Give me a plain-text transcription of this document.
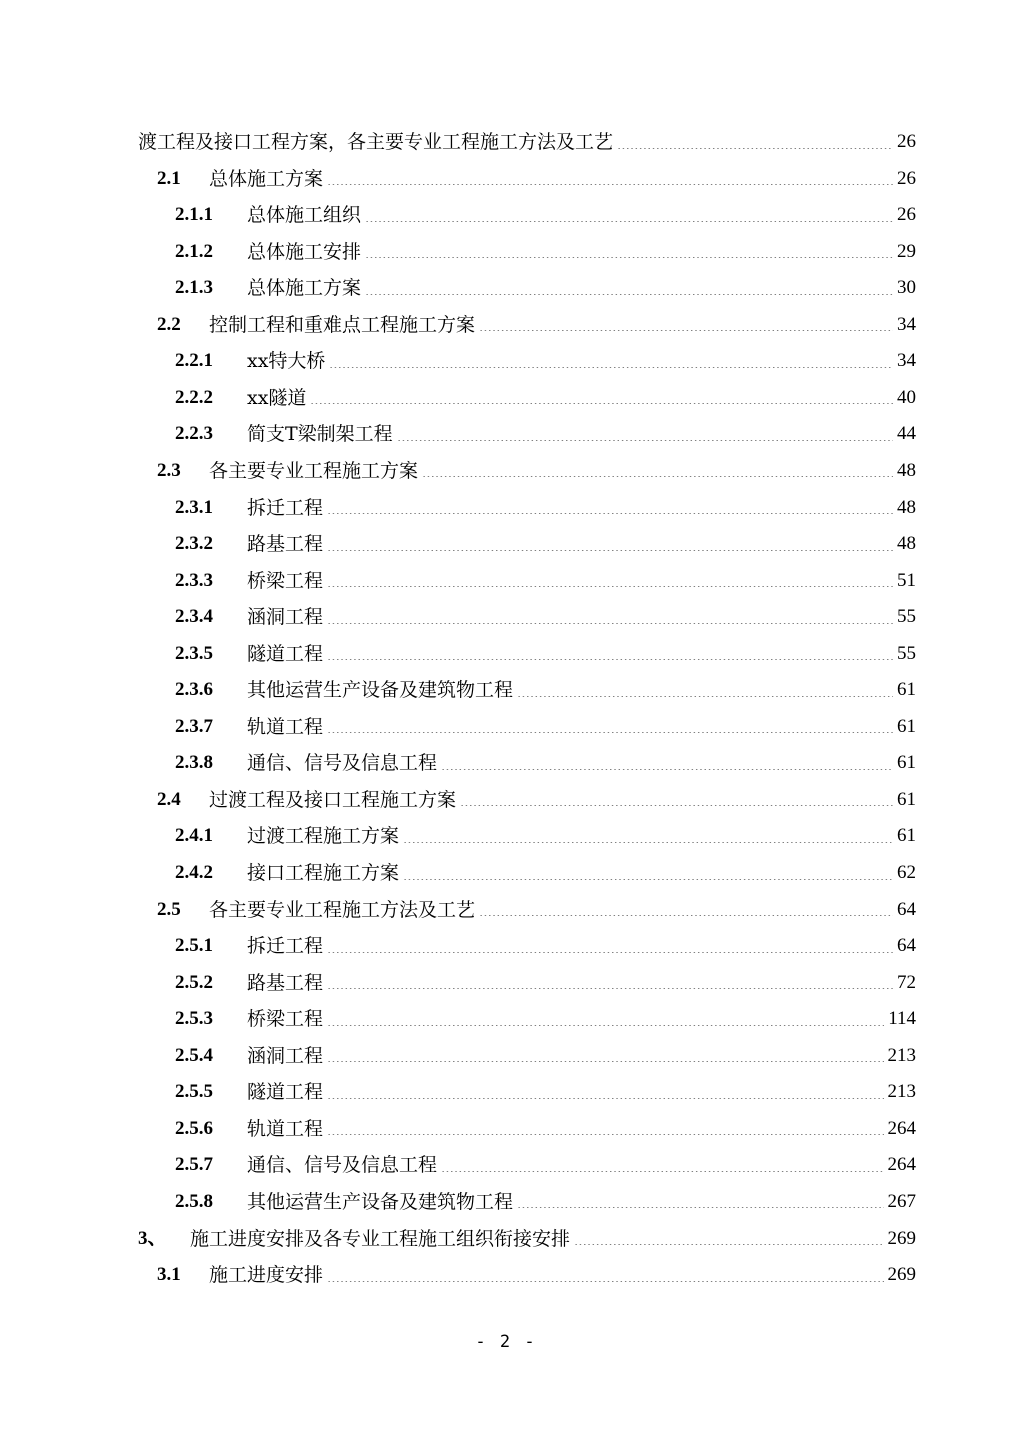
渡工程及接口工程方案，各主要专业工程施工方法及工艺	26
2.1	总体施工方案	26
2.1.1	总体施工组织	26
2.1.2	总体施工安排	29
2.1.3	总体施工方案	30
2.2	控制工程和重难点工程施工方案	34
2.2.1	xx特大桥	34
2.2.2	xx隧道	40
2.2.3	简支T梁制架工程	44
2.3	各主要专业工程施工方案	48
2.3.1	拆迁工程	48
2.3.2	路基工程	48
2.3.3	桥梁工程	51
2.3.4	涵洞工程	55
2.3.5	隧道工程	55
2.3.6	其他运营生产设备及建筑物工程	61
2.3.7	轨道工程	61
2.3.8	通信、信号及信息工程	61
2.4	过渡工程及接口工程施工方案	61
2.4.1	过渡工程施工方案	61
2.4.2	接口工程施工方案	62
2.5	各主要专业工程施工方法及工艺	64
2.5.1	拆迁工程	64
2.5.2	路基工程	72
2.5.3	桥梁工程	114
2.5.4	涵洞工程	213
2.5.5	隧道工程	213
2.5.6	轨道工程	264
2.5.7	通信、信号及信息工程	264
2.5.8	其他运营生产设备及建筑物工程	267
3、	施工进度安排及各专业工程施工组织衔接安排	269
3.1	施工进度安排	269
- 2 -
